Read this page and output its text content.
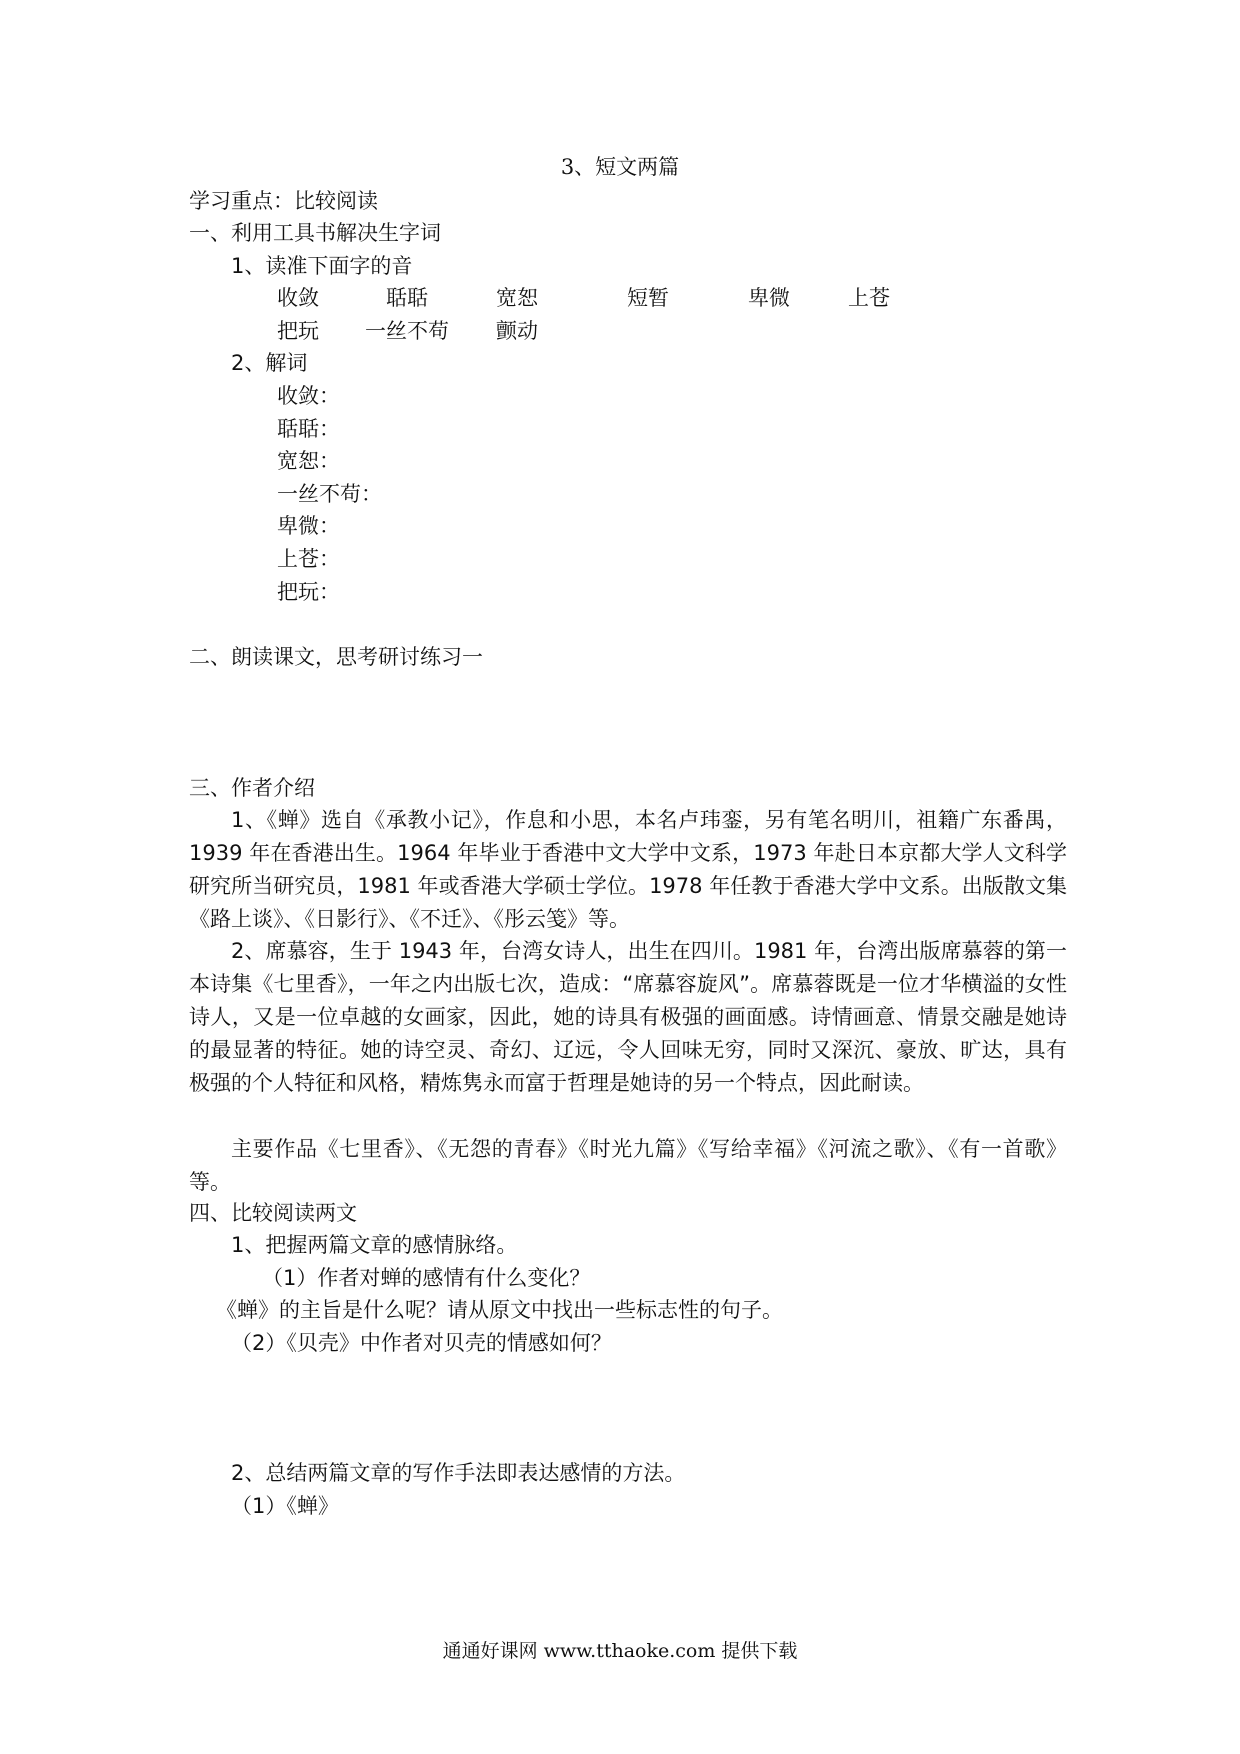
3、短文两篇
学习重点：比较阅读
一、利用工具书解决生字词
1、读准下面字的音
收敛	聒聒	宽恕	短暂	卑微	上苍
把玩 一丝不苟 颤动
2、解词
收敛：
聒聒：
宽恕：
一丝不苟：
卑微：
上苍：
把玩：
二、朗读课文，思考研讨练习一
三、作者介绍
1、《蝉》选自《承教小记》，作息和小思，本名卢玮銮，另有笔名明川，祖籍广东番禺，1939 年在香港出生。1964 年毕业于香港中文大学中文系，1973 年赴日本京都大学人文科学研究所当研究员，1981 年或香港大学硕士学位。1978 年任教于香港大学中文系。出版散文集《路上谈》、《日影行》、《不迁》、《彤云笺》等。
2、席慕容，生于 1943 年，台湾女诗人，出生在四川。1981 年，台湾出版席慕蓉的第一本诗集《七里香》，一年之内出版七次，造成：“席慕容旋风”。席慕蓉既是一位才华横溢的女性诗人，又是一位卓越的女画家，因此，她的诗具有极强的画面感。诗情画意、情景交融是她诗的最显著的特征。她的诗空灵、奇幻、辽远，令人回味无穷，同时又深沉、豪放、旷达，具有极强的个人特征和风格，精炼隽永而富于哲理是她诗的另一个特点，因此耐读。
主要作品《七里香》、《无怨的青春》《时光九篇》《写给幸福》《河流之歌》、《有一首歌》等。
四、比较阅读两文
1、把握两篇文章的感情脉络。
（1）作者对蝉的感情有什么变化？
《蝉》的主旨是什么呢？请从原文中找出一些标志性的句子。
（2）《贝壳》中作者对贝壳的情感如何？
2、总结两篇文章的写作手法即表达感情的方法。
（1）《蝉》
通通好课网 www.tthaoke.com 提供下载
